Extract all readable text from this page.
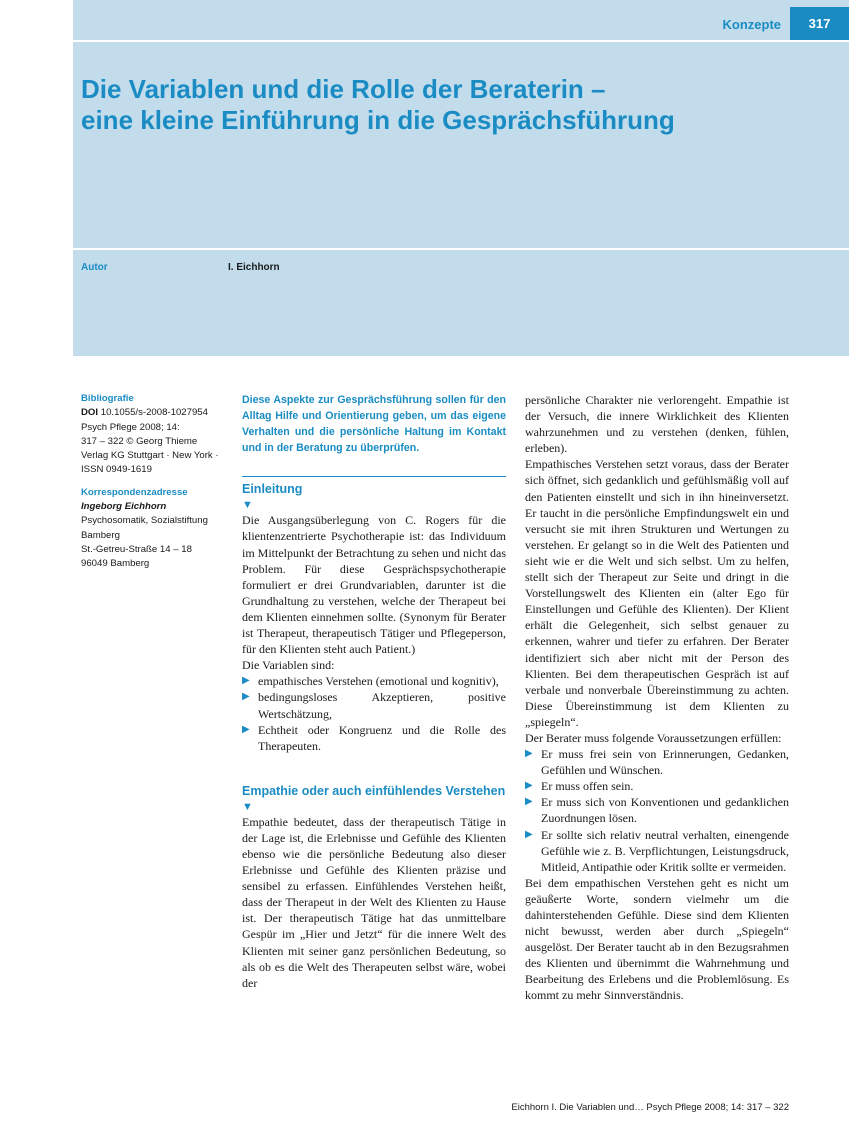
Konzepte	317
Die Variablen und die Rolle der Beraterin –
eine kleine Einführung in die Gesprächsführung
Autor	I. Eichhorn
Bibliografie
DOI 10.1055/s-2008-1027954
Psych Pflege 2008; 14:
317 – 322 © Georg Thieme
Verlag KG Stuttgart · New York ·
ISSN 0949-1619
Korrespondenzadresse
Ingeborg Eichhorn
Psychosomatik, Sozialstiftung
Bamberg
St.-Getreu-Straße 14 – 18
96049 Bamberg

Diese Aspekte zur Gesprächsführung sollen für den Alltag Hilfe und Orientierung geben, um das eigene Verhalten und die persönliche Haltung im Kontakt und in der Beratung zu überprüfen.

Einleitung
▼

Die Ausgangsüberlegung von C. Rogers für die klientenzentrierte Psychotherapie ist: das Individuum im Mittelpunkt der Betrachtung zu sehen und nicht das Problem. Für diese Gesprächspsychotherapie formuliert er drei Grundvariablen, darunter ist die Grundhaltung zu verstehen, welche der Therapeut bei dem Klienten einnehmen sollte. (Synonym für Berater ist Therapeut, therapeutisch Tätiger und Pflegeperson, für den Klienten steht auch Patient.)

Die Variablen sind:

▶ empathisches Verstehen (emotional und kognitiv),
▶ bedingungsloses Akzeptieren, positive Wertschätzung,
▶ Echtheit oder Kongruenz und die Rolle des Therapeuten.
Empathie oder auch einfühlendes Verstehen
▼

Empathie bedeutet, dass der therapeutisch Tätige in der Lage ist, die Erlebnisse und Gefühle des Klienten ebenso wie die persönliche Bedeutung also dieser Erlebnisse und Gefühle des Klienten präzise und sensibel zu erfassen. Einfühlendes Verstehen heißt, dass der Therapeut in der Welt des Klienten zu Hause ist. Der therapeutisch Tätige hat das unmittelbare Gespür im „Hier und Jetzt“ für die innere Welt des Klienten mit seiner ganz persönlichen Bedeutung, so als ob es die Welt des Therapeuten selbst wäre, wobei der

persönliche Charakter nie verlorengeht. Empathie ist der Versuch, die innere Wirklichkeit des Klienten wahrzunehmen und zu verstehen (denken, fühlen, erleben).

Empathisches Verstehen setzt voraus, dass der Berater sich öffnet, sich gedanklich und gefühlsmäßig voll auf den Patienten einstellt und sich in ihn hineinversetzt. Er taucht in die persönliche Empfindungswelt ein und versucht sie mit ihren Strukturen und Wertungen zu verstehen. Er gelangt so in die Welt des Patienten und sieht wie er die Welt und sich selbst. Um zu helfen, stellt sich der Therapeut zur Seite und dringt in die Vorstellungswelt des Klienten ein (alter Ego für Einstellungen und Gefühle des Klienten). Der Klient erhält die Gelegenheit, sich selbst genauer zu erkennen, wahrer und tiefer zu erfahren. Der Berater identifiziert sich aber nicht mit der Person des Klienten. Bei dem therapeutischen Gespräch ist auf verbale und nonverbale Übereinstimmung zu achten. Diese Übereinstimmung ist dem Klienten zu „spiegeln“.

Der Berater muss folgende Voraussetzungen erfüllen:

▶ Er muss frei sein von Erinnerungen, Gedanken, Gefühlen und Wünschen.
▶ Er muss offen sein.
▶ Er muss sich von Konventionen und gedanklichen Zuordnungen lösen.
▶ Er sollte sich relativ neutral verhalten, einengende Gefühle wie z. B. Verpflichtungen, Leistungsdruck, Mitleid, Antipathie oder Kritik sollte er vermeiden.

Bei dem empathischen Verstehen geht es nicht um geäußerte Worte, sondern vielmehr um die dahinterstehenden Gefühle. Diese sind dem Klienten nicht bewusst, werden aber durch „Spiegeln“ ausgelöst. Der Berater taucht ab in den Bezugsrahmen des Klienten und übernimmt die Wahrnehmung und Bearbeitung des Erlebens und die Problemlösung. Es kommt zu mehr Sinnverständnis.

Eichhorn I. Die Variablen und… Psych Pflege 2008; 14: 317 – 322
